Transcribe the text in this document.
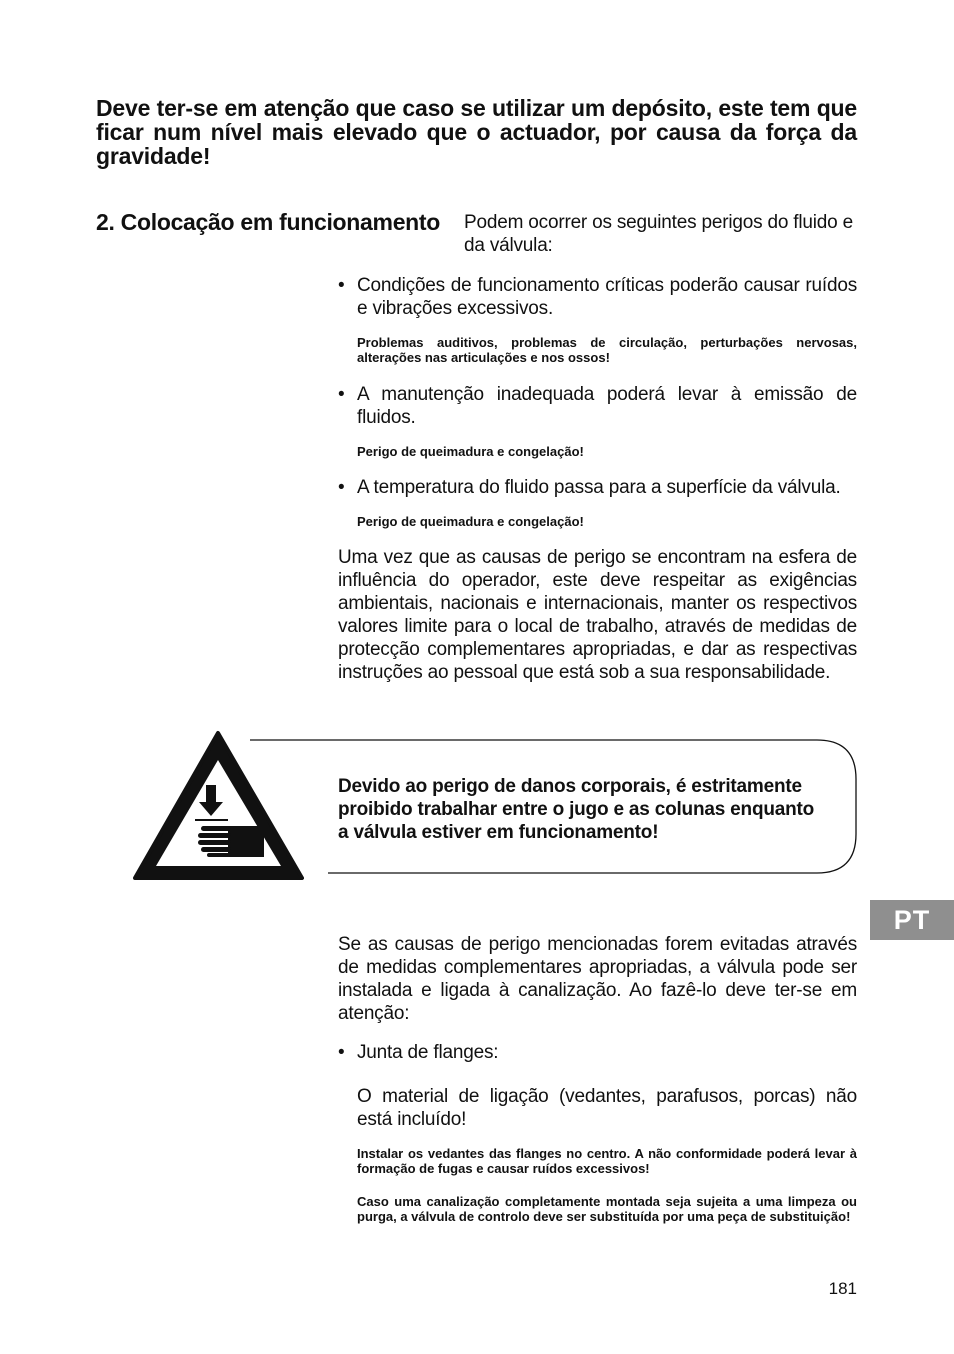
Deve ter-se em atenção que caso se utilizar um depósito, este tem que ficar num nível mais elevado que o actuador, por causa da força da gravidade!
2. Colocação em funcionamento	Podem ocorrer os seguintes perigos do fluido e da válvula:
• Condições de funcionamento críticas poderão causar ruídos e vibrações excessivos.
Problemas auditivos, problemas de circulação, perturbações nervosas, alterações nas articulações e nos ossos!
• A manutenção inadequada poderá levar à emissão de fluidos.
Perigo de queimadura e congelação!
• A temperatura do fluido passa para a superfície da válvula.
Perigo de queimadura e congelação!
Uma vez que as causas de perigo se encontram na esfera de influência do operador, este deve respeitar as exigências ambientais, nacionais e internacionais, manter os respectivos valores limite para o local de trabalho, através de medidas de protecção complementares apropriadas, e dar as respectivas instruções ao pessoal que está sob a sua responsabilidade.
Devido ao perigo de danos corporais, é estritamente proibido trabalhar entre o jugo e as colunas enquanto a válvula estiver em funcionamento!
PT
Se as causas de perigo mencionadas forem evitadas através de medidas complementares apropriadas, a válvula pode ser instalada e ligada à canalização. Ao fazê-lo deve ter-se em atenção:
• Junta de flanges:
O material de ligação (vedantes, parafusos, porcas) não está incluído!
Instalar os vedantes das flanges no centro. A não conformidade poderá levar à formação de fugas e causar ruídos excessivos!
Caso uma canalização completamente montada seja sujeita a uma limpeza ou purga, a válvula de controlo deve ser substituída por uma peça de substituição!
181
